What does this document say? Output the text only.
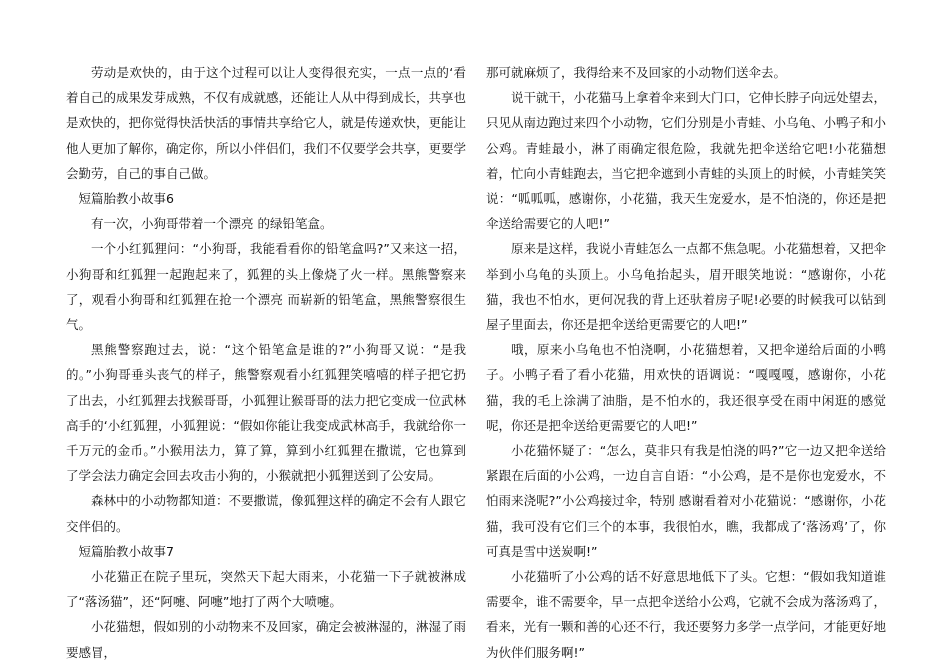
劳动是欢快的，由于这个过程可以让人变得很充实，一点一点的‘看着自己的成果发芽成熟，不仅有成就感，还能让人从中得到成长，共享也是欢快的，把你觉得快活快活的事情共享给它人，就是传递欢快，更能让他人更加了解你，确定你，所以小伴侣们，我们不仅要学会共享，更要学会勤劳，自己的事自己做。

短篇胎教小故事6

有一次，小狗哥带着一个漂亮 的绿铅笔盒。

一个小红狐狸问：“小狗哥，我能看看你的铅笔盒吗?”又来这一招，小狗哥和红狐狸一起跑起来了，狐狸的头上像烧了火一样。黑熊警察来了，观看小狗哥和红狐狸在抢一个漂亮 而崭新的铅笔盒，黑熊警察很生气。

黑熊警察跑过去，说：“这个铅笔盒是谁的?”小狗哥又说：“是我的。”小狗哥垂头丧气的样子，熊警察观看小红狐狸笑嘻嘻的样子把它扔了出去，小红狐狸去找猴哥哥，小狐狸让猴哥哥的法力把它变成一位武林高手的‘小红狐狸，小狐狸说：“假如你能让我变成武林高手，我就给你一千万元的金币。”小猴用法力，算了算，算到小红狐狸在撒谎，它也算到了学会法力确定会回去攻击小狗的，小猴就把小狐狸送到了公安局。

森林中的小动物都知道：不要撒谎，像狐狸这样的确定不会有人跟它交伴侣的。

短篇胎教小故事7

小花猫正在院子里玩，突然天下起大雨来，小花猫一下子就被淋成了“落汤猫”，还“阿嚏、阿嚏”地打了两个大喷嚏。

小花猫想，假如别的小动物来不及回家，确定会被淋湿的，淋湿了雨要感冒，

那可就麻烦了，我得给来不及回家的小动物们送伞去。

说干就干，小花猫马上拿着伞来到大门口，它伸长脖子向远处望去，只见从南边跑过来四个小动物，它们分别是小青蛙、小乌龟、小鸭子和小公鸡。青蛙最小，淋了雨确定很危险，我就先把伞送给它吧!小花猫想着，忙向小青蛙跑去，当它把伞遮到小青蛙的头顶上的时候，小青蛙笑笑说：“呱呱呱，感谢你，小花猫，我天生宠爱水，是不怕浇的，你还是把伞送给需要它的人吧!”

原来是这样，我说小青蛙怎么一点都不焦急呢。小花猫想着，又把伞举到小乌龟的头顶上。小乌龟抬起头，眉开眼笑地说：“感谢你，小花猫，我也不怕水，更何况我的背上还驮着房子呢!必要的时候我可以钻到屋子里面去，你还是把伞送给更需要它的人吧!”

哦，原来小乌龟也不怕浇啊，小花猫想着，又把伞递给后面的小鸭子。小鸭子看了看小花猫，用欢快的语调说：“嘎嘎嘎，感谢你，小花猫，我的毛上涂满了油脂，是不怕水的，我还很享受在雨中闲逛的感觉呢，你还是把伞送给更需要它的人吧!”

小花猫怀疑了：“怎么，莫非只有我是怕浇的吗?”它一边又把伞送给紧跟在后面的小公鸡，一边自言自语：“小公鸡，是不是你也宠爱水，不怕雨来浇呢?”小公鸡接过伞，特别 感谢看着对小花猫说：“感谢你，小花猫，我可没有它们三个的本事，我很怕水，瞧，我都成了‘落汤鸡’了，你可真是雪中送炭啊!”

小花猫听了小公鸡的话不好意思地低下了头。它想：“假如我知道谁需要伞，谁不需要伞，早一点把伞送给小公鸡，它就不会成为落汤鸡了，看来，光有一颗和善的心还不行，我还要努力多学一点学问，才能更好地为伙伴们服务啊!”
